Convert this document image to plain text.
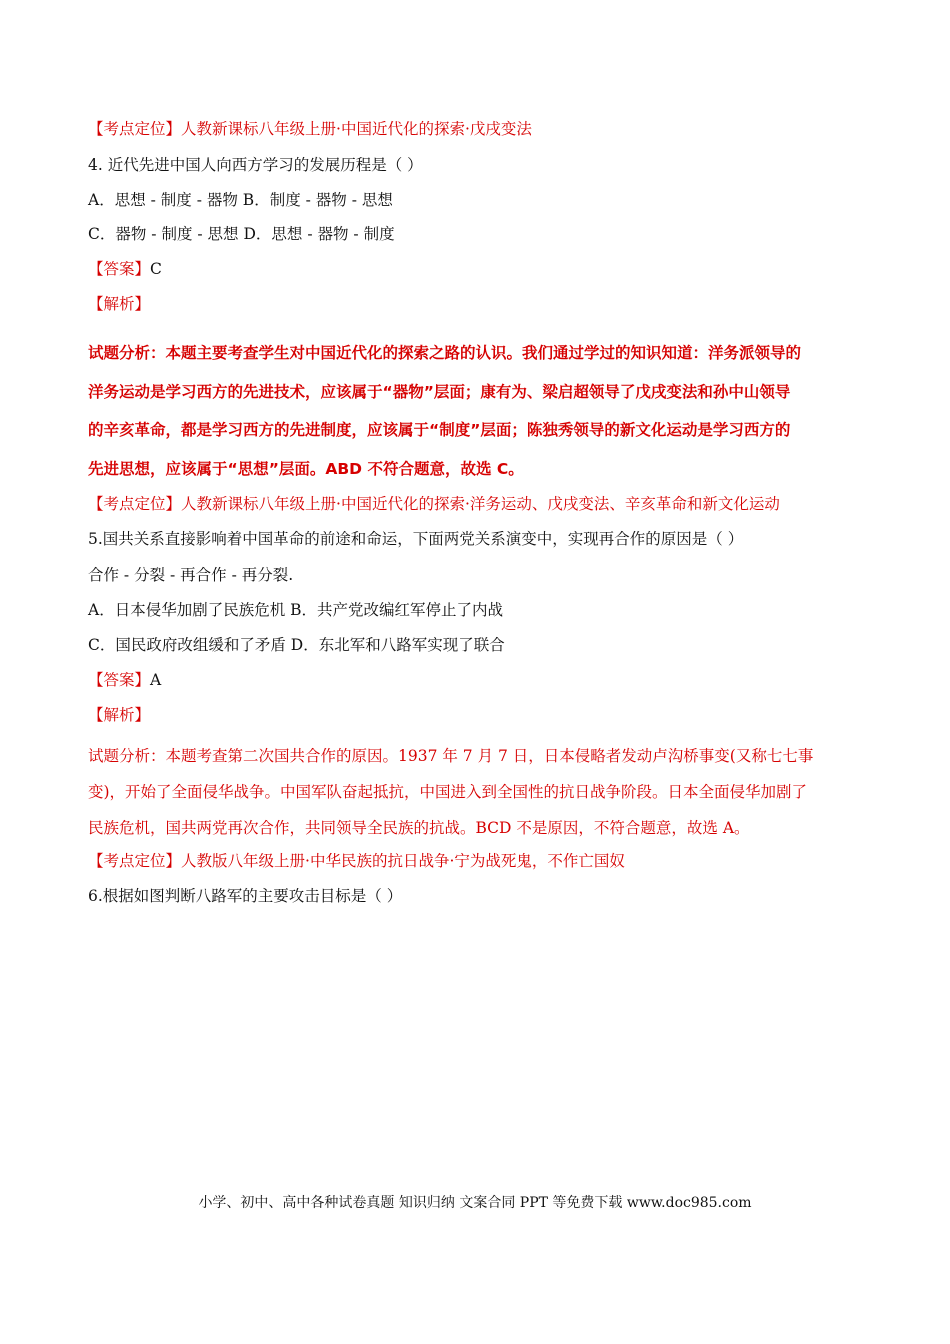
【考点定位】人教新课标八年级上册·中国近代化的探索·戊戌变法
4. 近代先进中国人向西方学习的发展历程是（ ）
A．思想 - 制度 - 器物 B．制度 - 器物 - 思想
C．器物 - 制度 - 思想 D．思想 - 器物 - 制度
【答案】C
【解析】
试题分析：本题主要考查学生对中国近代化的探索之路的认识。我们通过学过的知识知道：洋务派领导的
洋务运动是学习西方的先进技术，应该属于“器物”层面；康有为、梁启超领导了戊戌变法和孙中山领导
的辛亥革命，都是学习西方的先进制度，应该属于“制度”层面；陈独秀领导的新文化运动是学习西方的
先进思想，应该属于“思想”层面。ABD 不符合题意，故选 C。
【考点定位】人教新课标八年级上册·中国近代化的探索·洋务运动、戊戌变法、辛亥革命和新文化运动
5.国共关系直接影响着中国革命的前途和命运，下面两党关系演变中，实现再合作的原因是（ ）
合作 - 分裂 - 再合作 - 再分裂.
A．日本侵华加剧了民族危机 B．共产党改编红军停止了内战
C．国民政府改组缓和了矛盾 D．东北军和八路军实现了联合
【答案】A
【解析】
试题分析：本题考查第二次国共合作的原因。1937 年 7 月 7 日，日本侵略者发动卢沟桥事变(又称七七事
变)，开始了全面侵华战争。中国军队奋起抵抗，中国进入到全国性的抗日战争阶段。日本全面侵华加剧了
民族危机，国共两党再次合作，共同领导全民族的抗战。BCD 不是原因，不符合题意，故选 A。
【考点定位】人教版八年级上册·中华民族的抗日战争·宁为战死鬼，不作亡国奴
6.根据如图判断八路军的主要攻击目标是（ ）
小学、初中、高中各种试卷真题 知识归纳 文案合同 PPT 等免费下载 www.doc985.com
